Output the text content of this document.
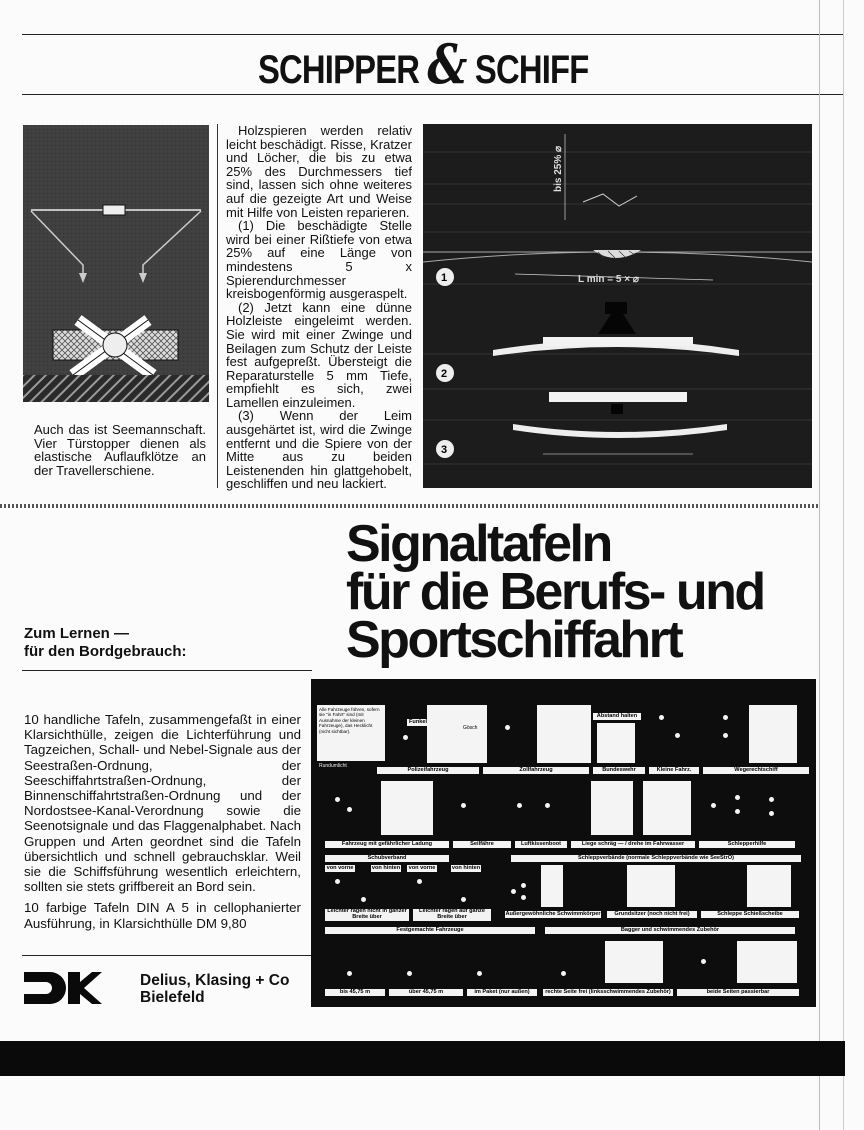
SCHIPPER & SCHIFF
Auch das ist Seemannschaft. Vier Türstopper dienen als elastische Auflaufklötze an der Travellerschiene.

Holzspieren werden relativ leicht beschädigt. Risse, Kratzer und Löcher, die bis zu etwa 25% des Durchmessers tief sind, lassen sich ohne weiteres auf die gezeigte Art und Weise mit Hilfe von Leisten reparieren.

(1) Die beschädigte Stelle wird bei einer Rißtiefe von etwa 25% auf eine Länge von mindestens 5 x Spierendurchmesser kreisbogenförmig ausgeraspelt.

(2) Jetzt kann eine dünne Holzleiste eingeleimt werden. Sie wird mit einer Zwinge und Beilagen zum Schutz der Leiste fest aufgepreßt. Übersteigt die Reparaturstelle 5 mm Tiefe, empfiehlt es sich, zwei Lamellen einzuleimen.

(3) Wenn der Leim ausgehärtet ist, wird die Zwinge entfernt und die Spiere von der Mitte aus zu beiden Leistenenden hin glattgehobelt, geschliffen und neu lackiert.

bis 25% ⌀
L min = 5 × ⌀
1
2
3
Signaltafeln
für die Berufs- und
Sportschiffahrt
Zum Lernen —
für den Bordgebrauch:

10 handliche Tafeln, zusammengefaßt in einer Klarsichthülle, zeigen die Lichterführung und Tagzeichen, Schall- und Nebel-Signale aus der Seestraßen-Ordnung, der Seeschiffahrtstraßen-Ordnung, der Binnenschiffahrtstraßen-Ordnung und der Nordostsee-Kanal-Verordnung sowie die Seenotsignale und das Flaggenalphabet. Nach Gruppen und Arten geordnet sind die Tafeln übersichtlich und schnell gebrauchsklar. Weil sie die Schiffsführung wesentlich erleichtern, sollten sie stets griffbereit an Bord sein.

10 farbige Tafeln DIN A 5 in cellophanierter Ausführung, in Klarsichthülle DM 9,80

Alle Fahrzeuge führen, sofern sie "in Fahrt" sind (mit Ausnahme der kleinen Fahrzeuge), das Hecklicht (nicht sichtbar).
Rundumlicht
Funkel
Gösch
Abstand halten
Polizeifahrzeug	Zollfahrzeug	Bundeswehr	Kleine Fahrz.	Wegerechtschiff
Fahrzeug mit gefährlicher Ladung	Seilfähre	Luftkissenboot	Liege schräg — / drehe im Fahrwasser	Schlepperhilfe
Schubverband	Schleppverbände (normale Schleppverbände wie SeeStrO)
von vorne	von hinten von vorne	von hinten
Leichter ragen nicht in ganzer Breite über
Leichter ragen auf ganze Breite über	Außergewöhnliche Schwimmkörper	Grundsitzer (noch nicht frei)	Schleppe Schießscheibe
Festgemachte Fahrzeuge	Bagger und schwimmendes Zubehör
bis 45,75 m	über 45,75 m	im Paket (nur außen)	rechte Seite frei (linksschwimmendes Zubehör)	beide Seiten passierbar
Delius, Klasing + Co
Bielefeld
